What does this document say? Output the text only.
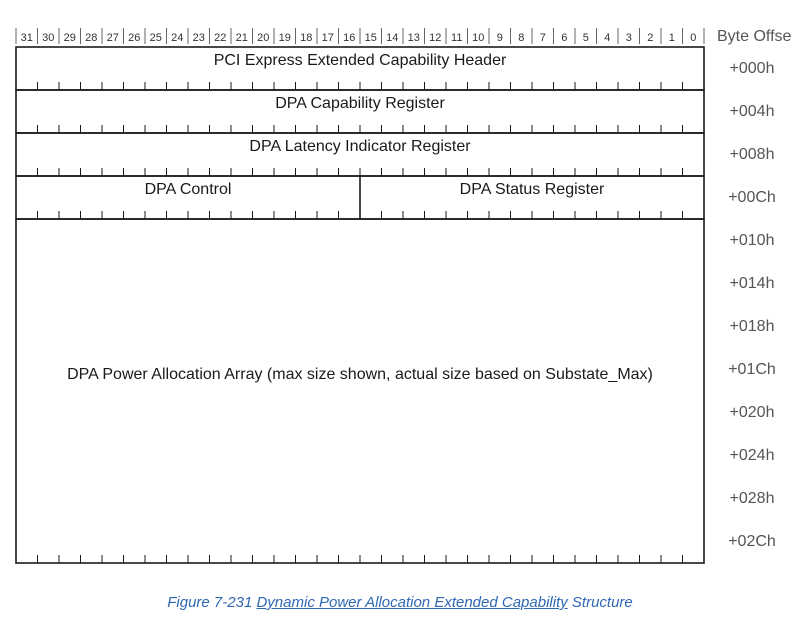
31 30 29 28 27 26 25 24 23 22 21 20 19 18 17 16 15 14 13 12 11 10 9 8 7 6 5 4 3 2 1 0 Byte Offse
PCI Express Extended Capability Header
DPA Capability Register
DPA Latency Indicator Register
DPA Control	DPA Status Register
DPA Power Allocation Array (max size shown, actual size based on Substate_Max)
+000h
+004h
+008h
+00Ch
+010h
+014h
+018h
+01Ch
+020h
+024h
+028h
+02Ch
Figure 7-231 Dynamic Power Allocation Extended Capability Structure
